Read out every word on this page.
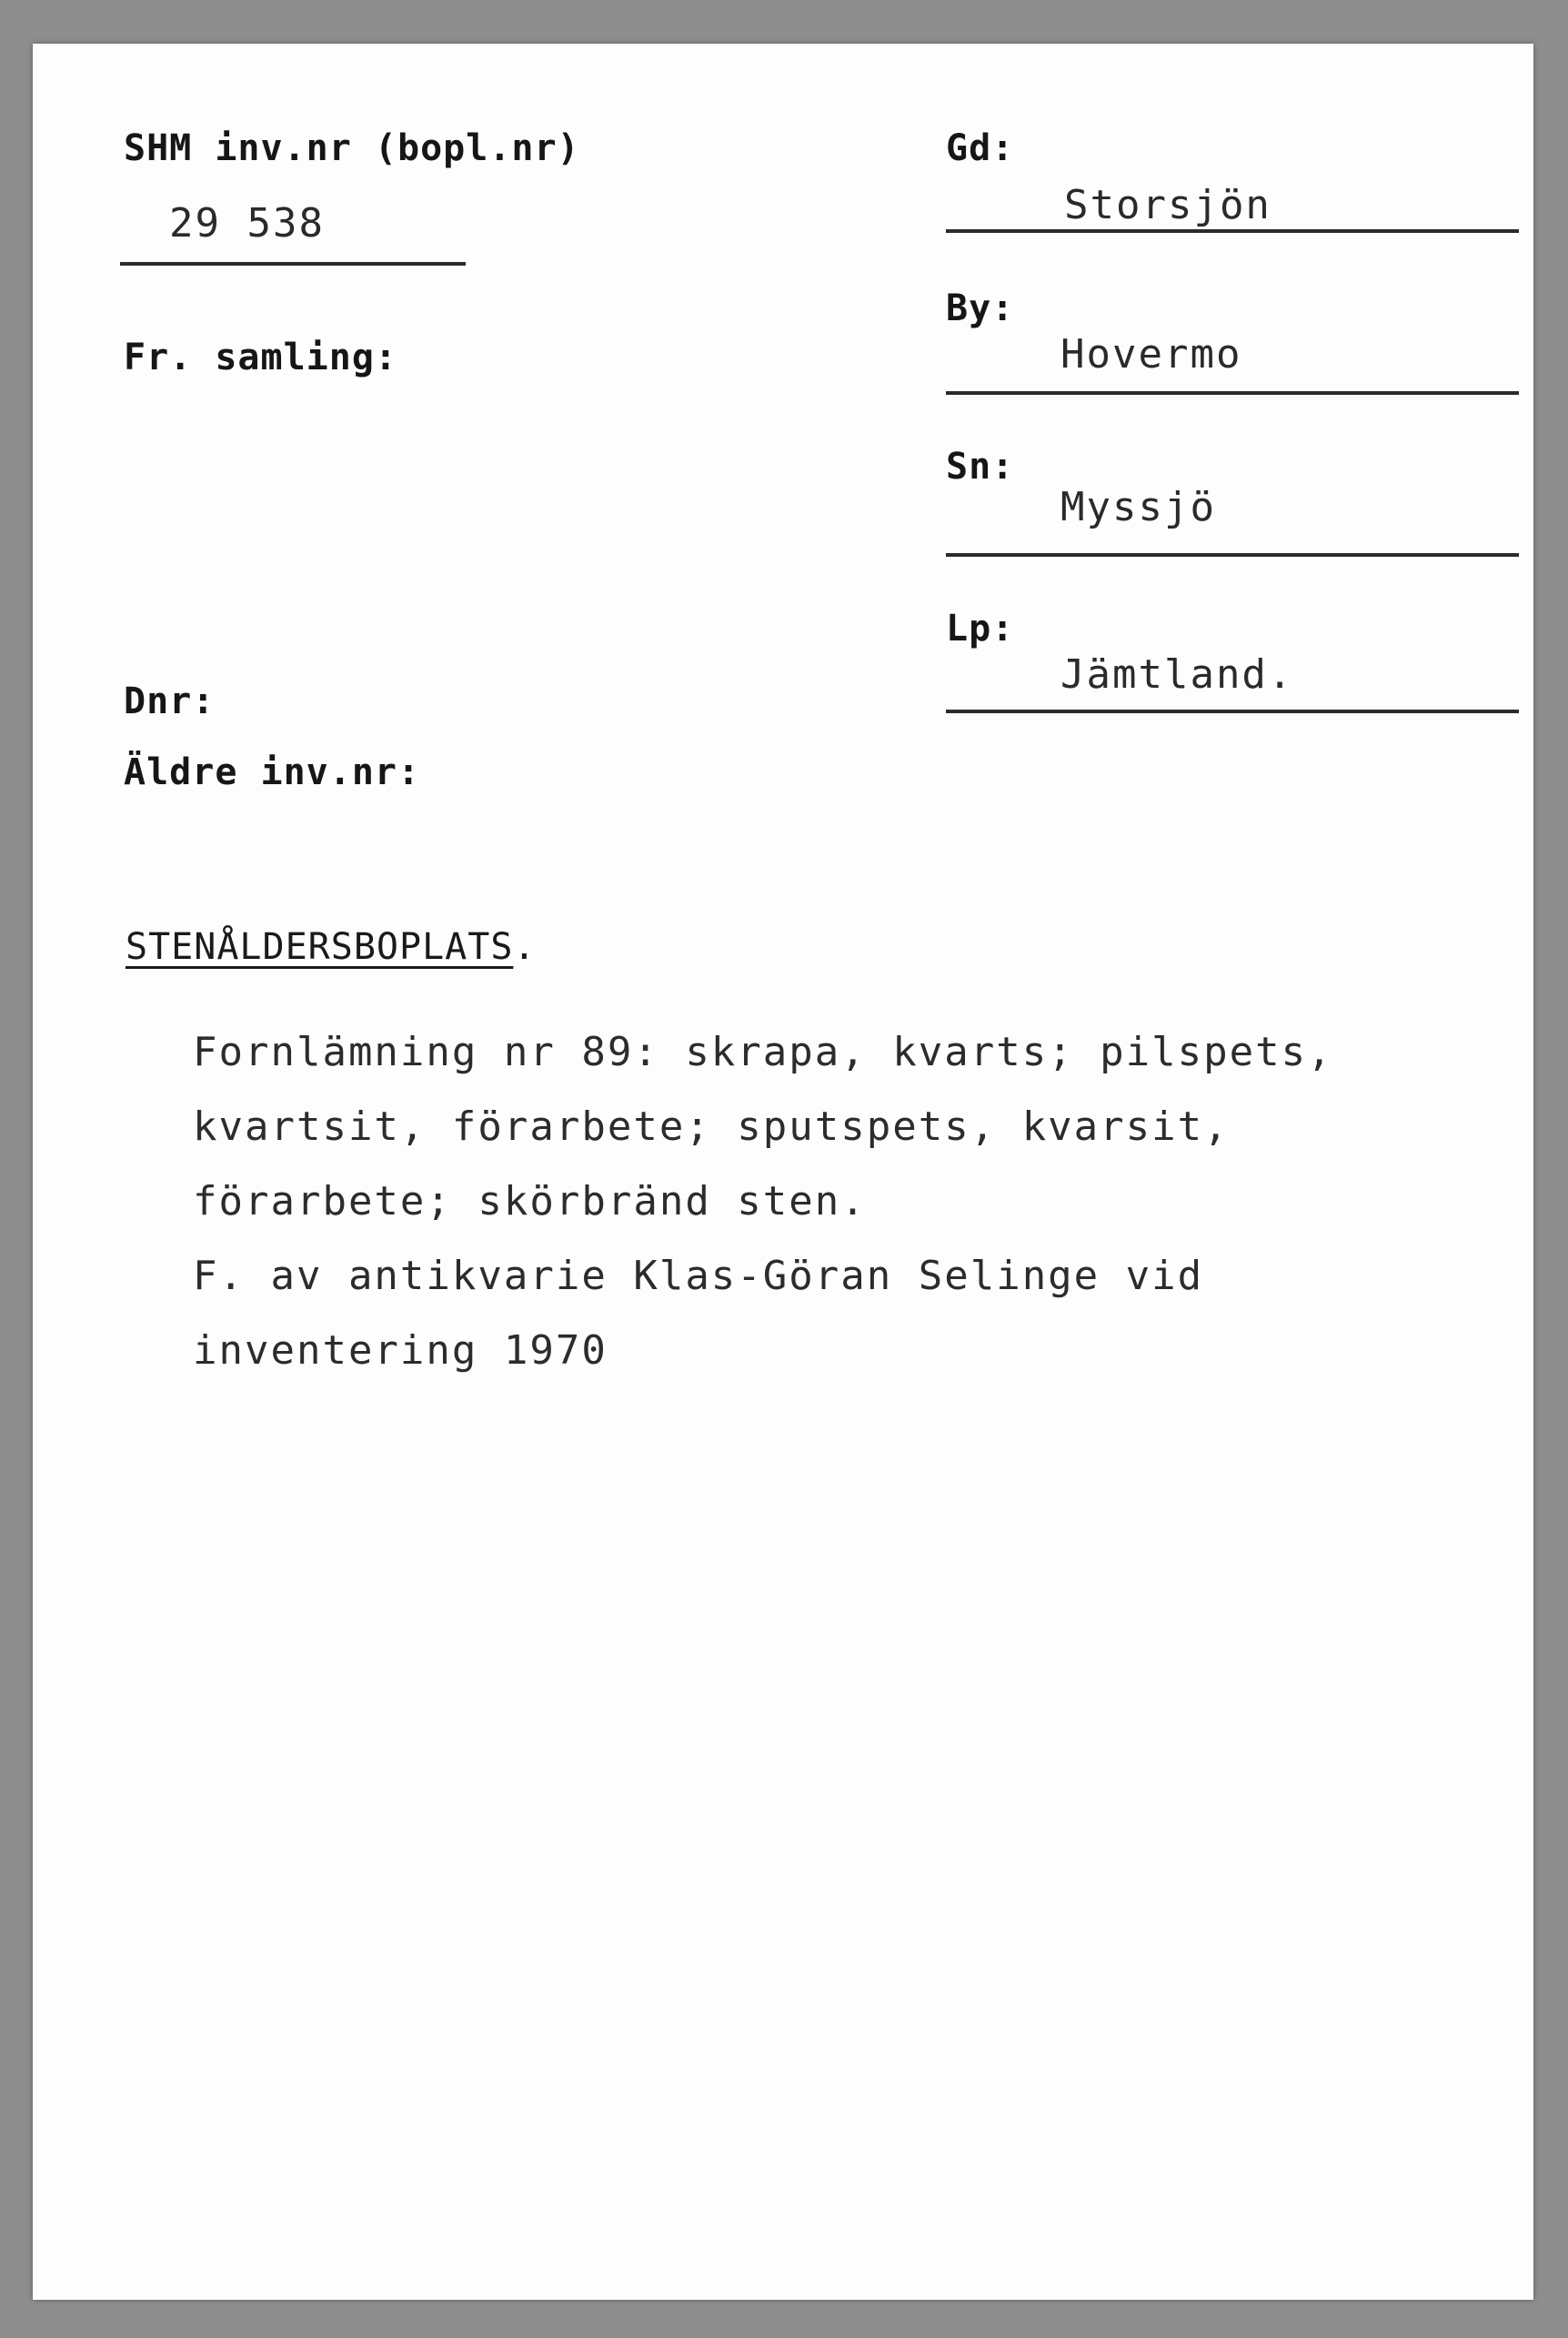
SHM inv.nr (bopl.nr)
29 538
Fr. samling:
Dnr:
Äldre inv.nr:
Gd:
Storsjön
By:
Hovermo
Sn:
Myssjö
Lp:
Jämtland.
STENÅLDERSBOPLATS.
Fornlämning nr 89: skrapa, kvarts; pilspets,
kvartsit, förarbete; sputspets, kvarsit,
förarbete; skörbränd sten.
F. av antikvarie Klas-Göran Selinge vid
inventering 1970
